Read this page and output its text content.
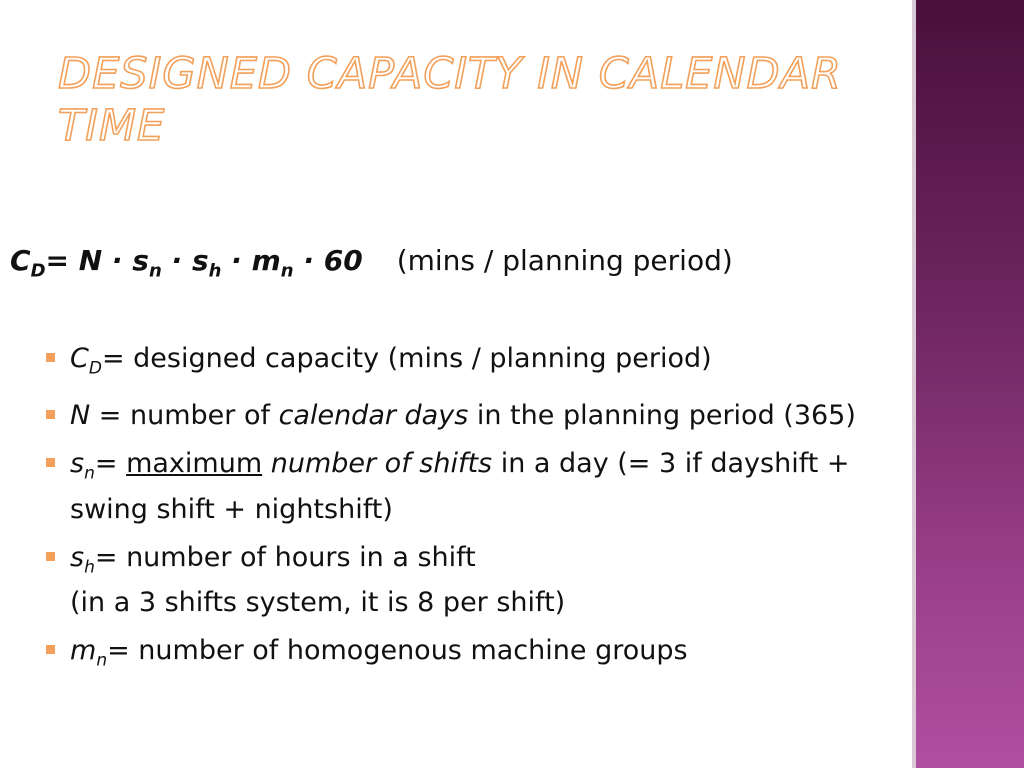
DESIGNED CAPACITY IN CALENDAR TIME
$C_D= N \cdot s_n \cdot s_h \cdot m_n \cdot 60$ (mins / planning period)
$C_D=$ designed capacity (mins / planning period)
N = number of calendar days in the planning period (365)
$s_n=$ maximum number of shifts in a day (= 3 if dayshift + swing shift + nightshift)
$s_h=$ number of hours in a shift
(in a 3 shifts system, it is 8 per shift)
$m_n=$ number of homogenous machine groups
